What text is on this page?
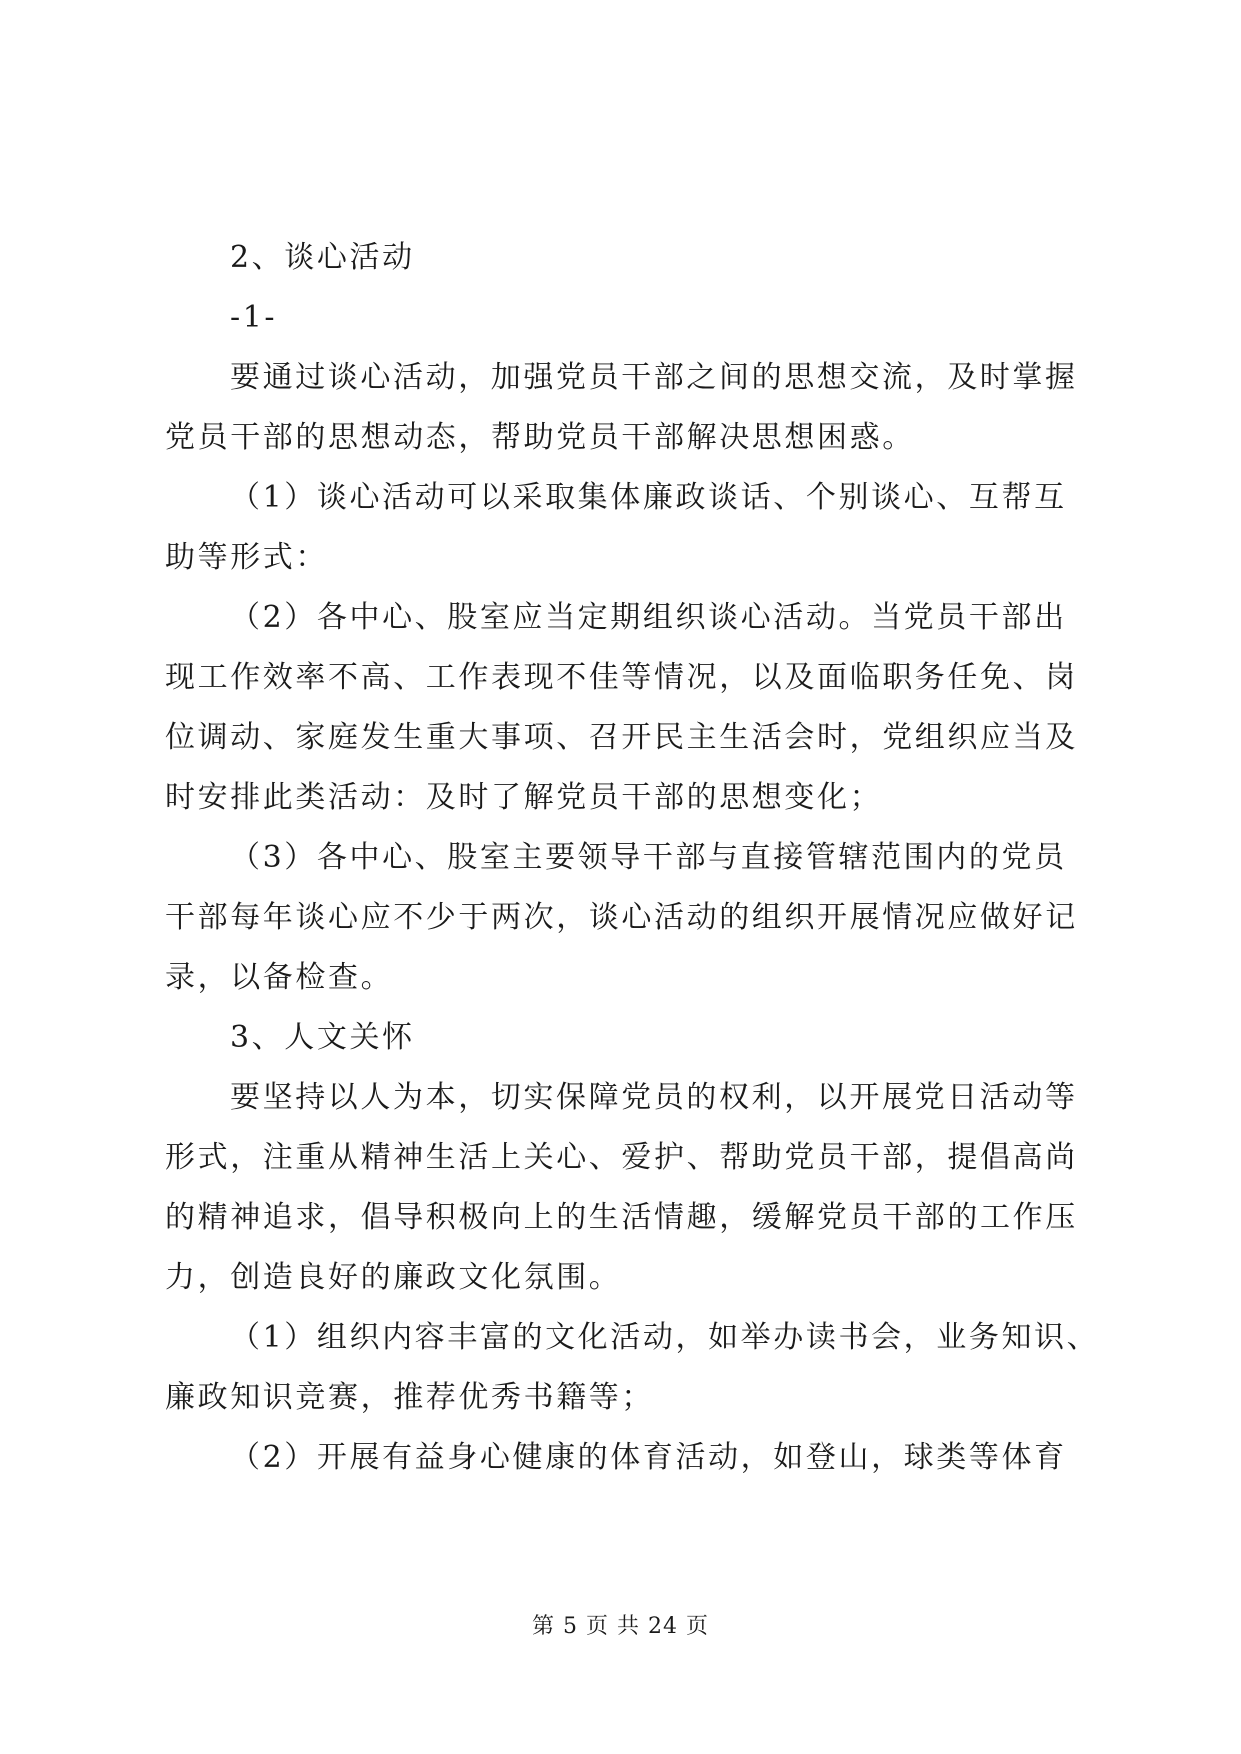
2、谈心活动
-1-
要通过谈心活动，加强党员干部之间的思想交流，及时掌握
党员干部的思想动态，帮助党员干部解决思想困惑。
（1）谈心活动可以采取集体廉政谈话、个别谈心、互帮互
助等形式：
（2）各中心、股室应当定期组织谈心活动。当党员干部出
现工作效率不高、工作表现不佳等情况，以及面临职务任免、岗
位调动、家庭发生重大事项、召开民主生活会时，党组织应当及
时安排此类活动：及时了解党员干部的思想变化；
（3）各中心、股室主要领导干部与直接管辖范围内的党员
干部每年谈心应不少于两次，谈心活动的组织开展情况应做好记
录，以备检查。
3、人文关怀
要坚持以人为本，切实保障党员的权利，以开展党日活动等
形式，注重从精神生活上关心、爱护、帮助党员干部，提倡高尚
的精神追求，倡导积极向上的生活情趣，缓解党员干部的工作压
力，创造良好的廉政文化氛围。
（1）组织内容丰富的文化活动，如举办读书会，业务知识、
廉政知识竞赛，推荐优秀书籍等；
（2）开展有益身心健康的体育活动，如登山，球类等体育
第 5 页 共 24 页
